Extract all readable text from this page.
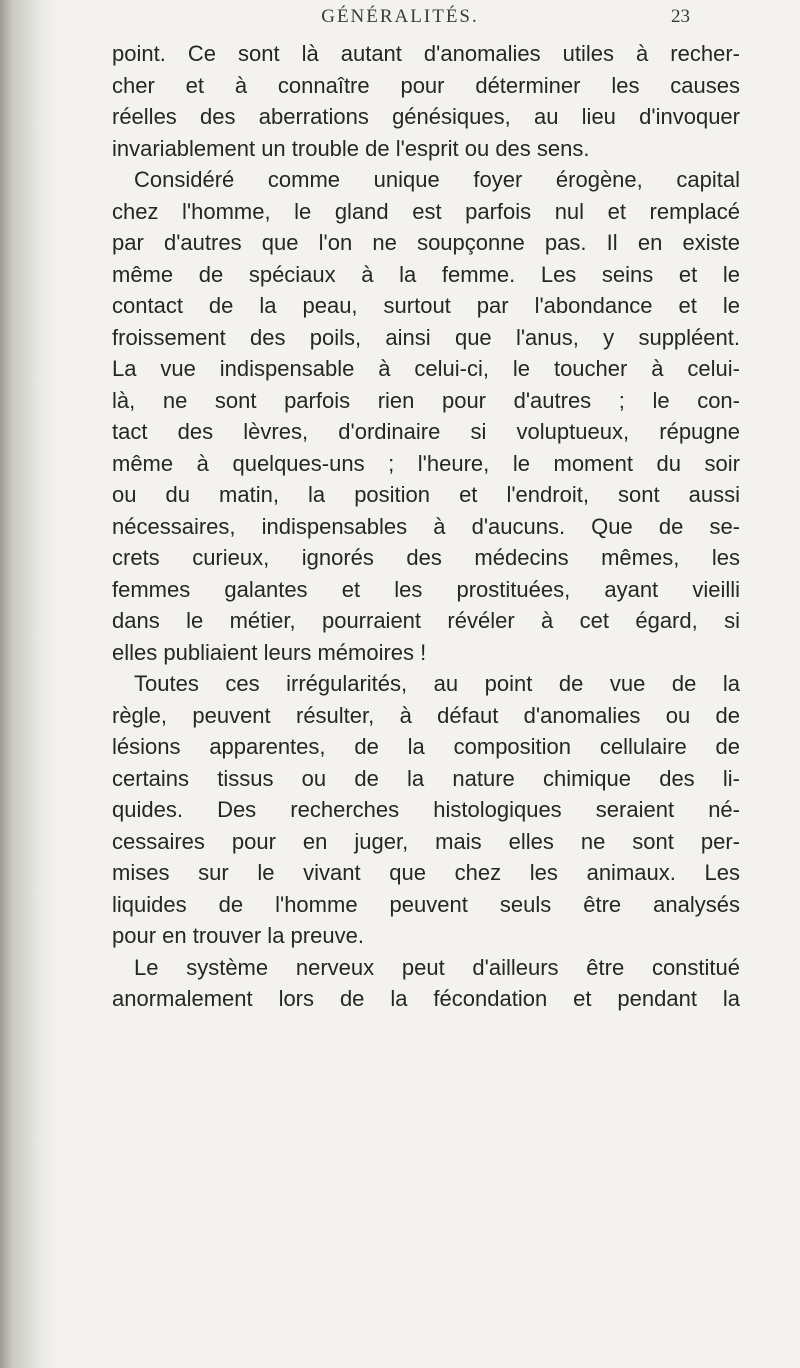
GÉNÉRALITÉS.	23
point. Ce sont là autant d'anomalies utiles à recher-
cher et à connaître pour déterminer les causes
réelles des aberrations génésiques, au lieu d'invoquer
invariablement un trouble de l'esprit ou des sens.
Considéré comme unique foyer érogène, capital
chez l'homme, le gland est parfois nul et remplacé
par d'autres que l'on ne soupçonne pas. Il en existe
même de spéciaux à la femme. Les seins et le
contact de la peau, surtout par l'abondance et le
froissement des poils, ainsi que l'anus, y suppléent.
La vue indispensable à celui-ci, le toucher à celui-
là, ne sont parfois rien pour d'autres ; le con-
tact des lèvres, d'ordinaire si voluptueux, répugne
même à quelques-uns ; l'heure, le moment du soir
ou du matin, la position et l'endroit, sont aussi
nécessaires, indispensables à d'aucuns. Que de se-
crets curieux, ignorés des médecins mêmes, les
femmes galantes et les prostituées, ayant vieilli
dans le métier, pourraient révéler à cet égard, si
elles publiaient leurs mémoires !
Toutes ces irrégularités, au point de vue de la
règle, peuvent résulter, à défaut d'anomalies ou de
lésions apparentes, de la composition cellulaire de
certains tissus ou de la nature chimique des li-
quides. Des recherches histologiques seraient né-
cessaires pour en juger, mais elles ne sont per-
mises sur le vivant que chez les animaux. Les
liquides de l'homme peuvent seuls être analysés
pour en trouver la preuve.
Le système nerveux peut d'ailleurs être constitué
anormalement lors de la fécondation et pendant la
